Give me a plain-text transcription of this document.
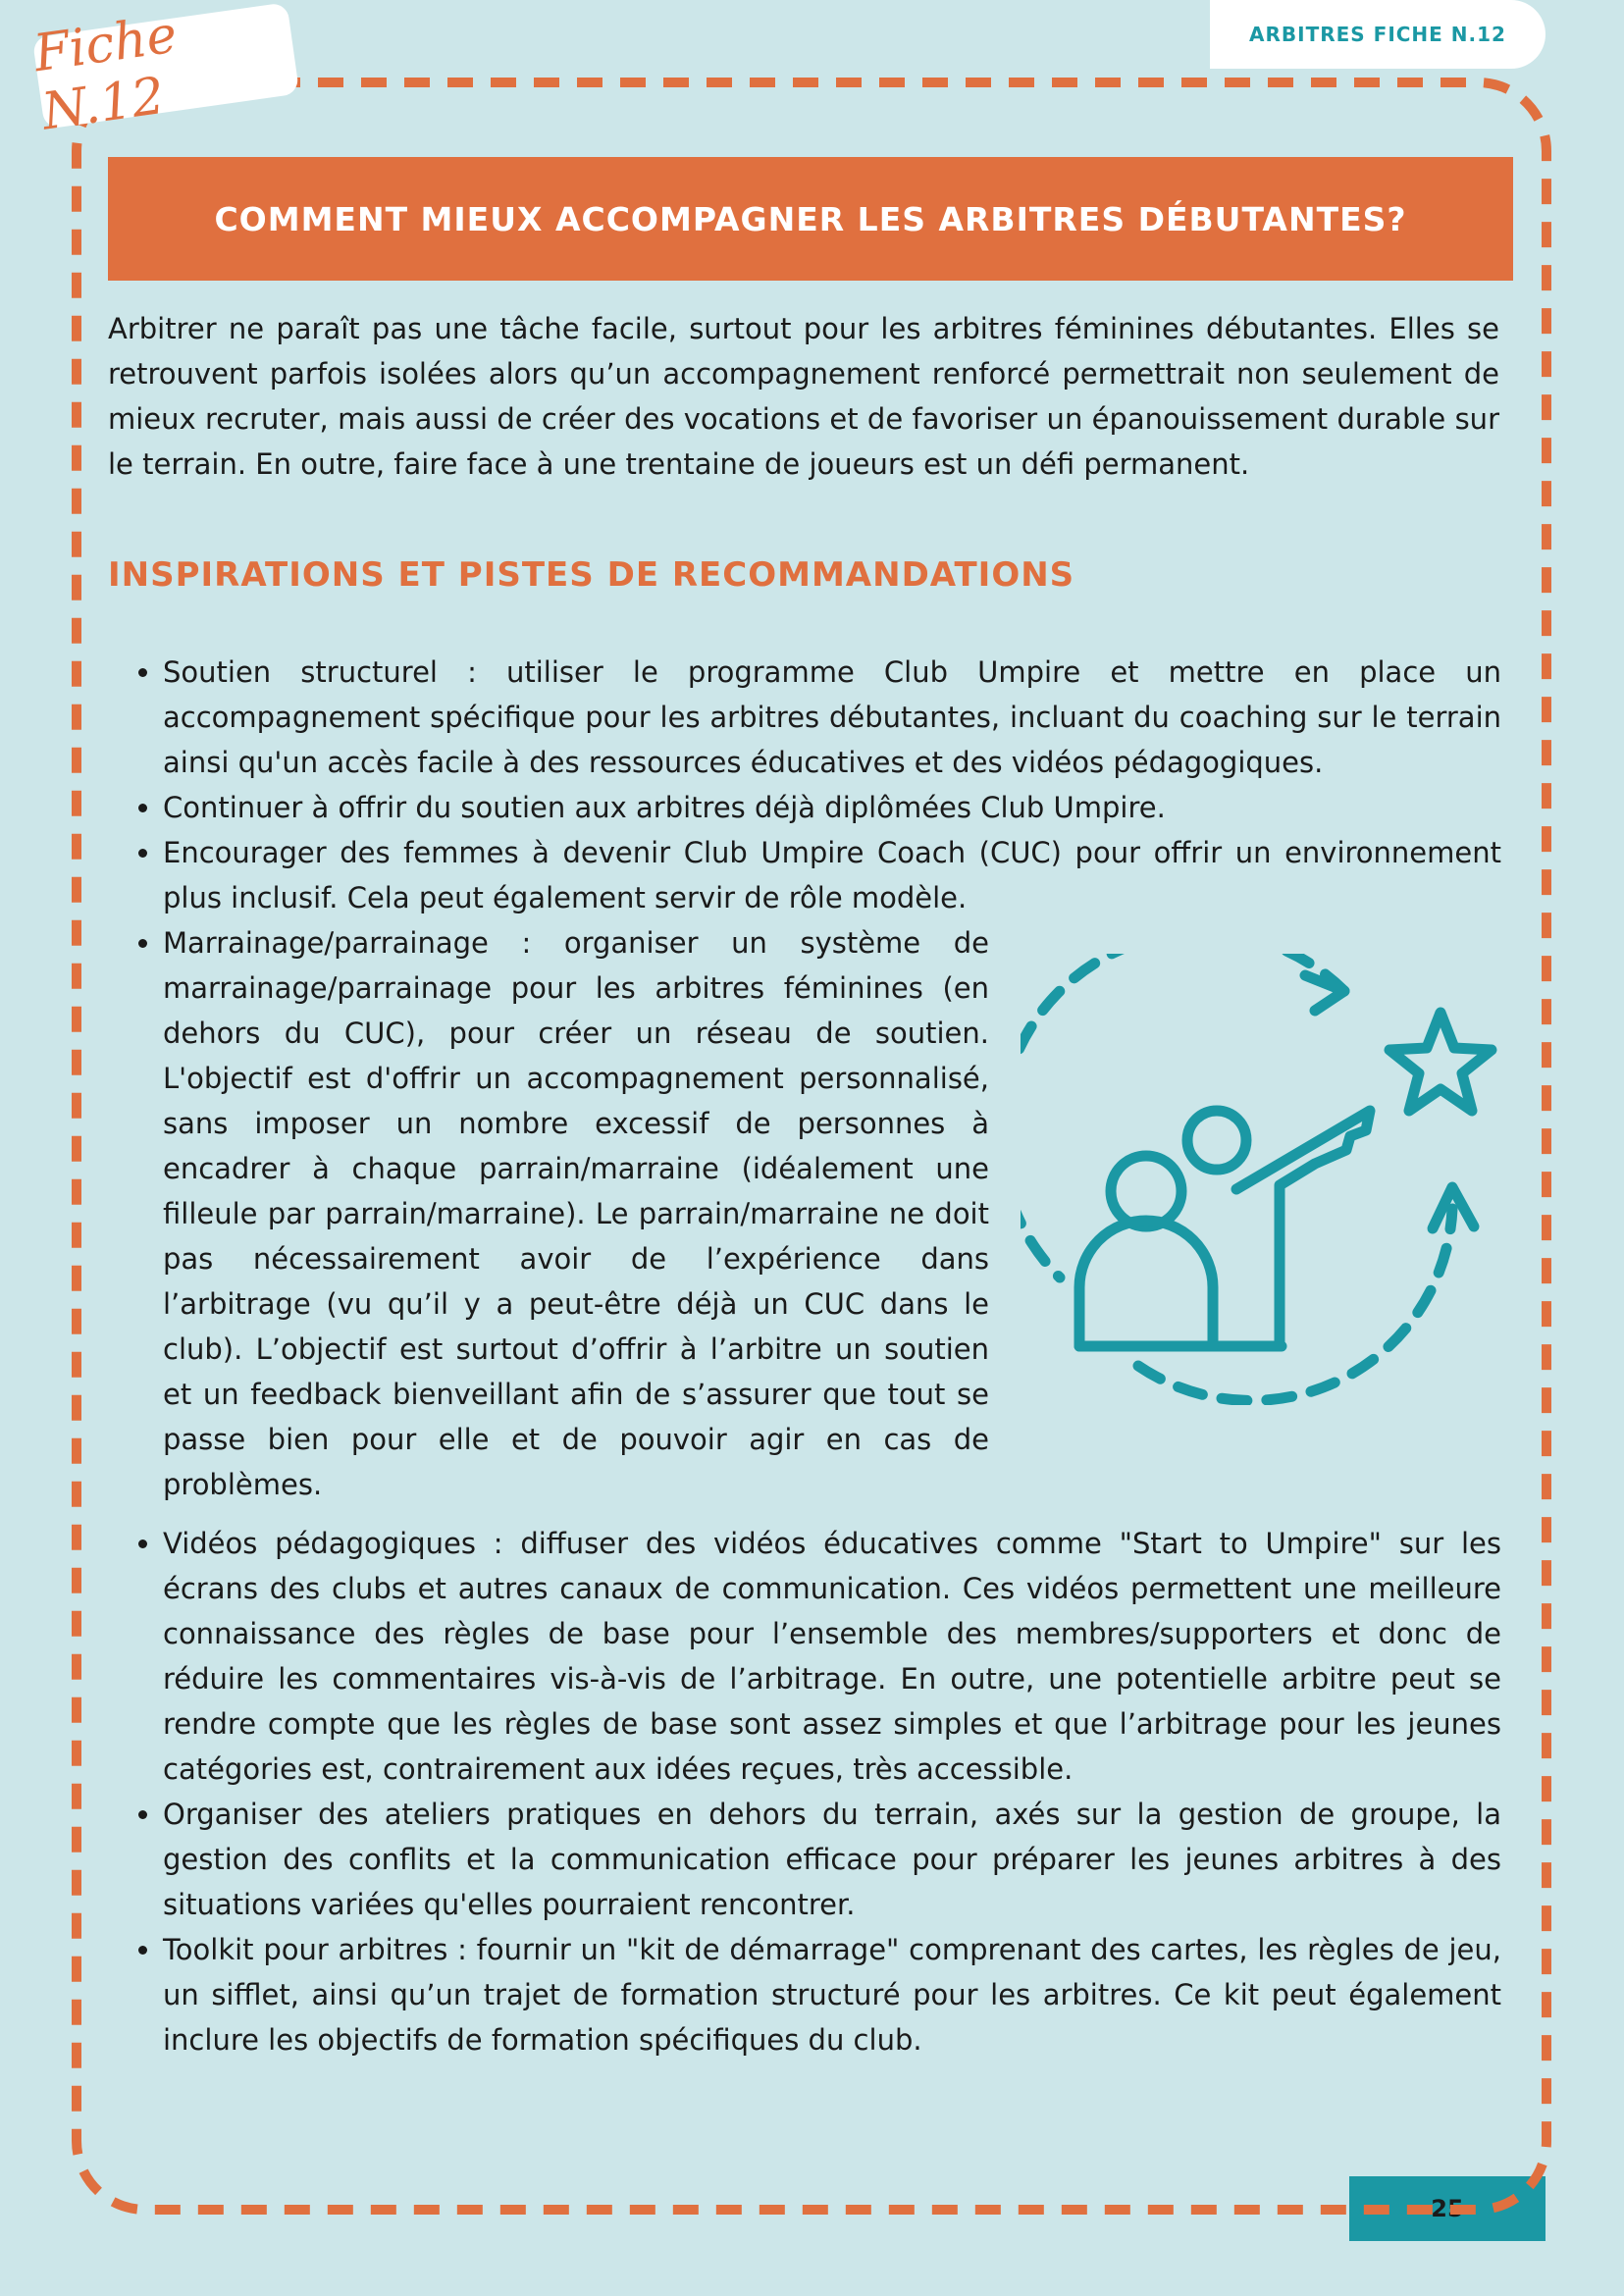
ARBITRES FICHE N.12
Fiche N.12
COMMENT MIEUX ACCOMPAGNER LES ARBITRES DÉBUTANTES?

Arbitrer ne paraît pas une tâche facile, surtout pour les arbitres féminines débutantes. Elles se retrouvent parfois isolées alors qu’un accompagnement renforcé permettrait non seulement de mieux recruter, mais aussi de créer des vocations et de favoriser un épanouissement durable sur le terrain. En outre, faire face à une trentaine de joueurs est un défi permanent.

INSPIRATIONS ET PISTES DE RECOMMANDATIONS
• Soutien structurel : utiliser le programme Club Umpire et mettre en place un accompagnement spécifique pour les arbitres débutantes, incluant du coaching sur le terrain ainsi qu'un accès facile à des ressources éducatives et des vidéos pédagogiques.
• Continuer à offrir du soutien aux arbitres déjà diplômées Club Umpire.
• Encourager des femmes à devenir Club Umpire Coach (CUC) pour offrir un environnement plus inclusif. Cela peut également servir de rôle modèle.
• Marrainage/parrainage : organiser un système de marrainage/parrainage pour les arbitres féminines (en dehors du CUC), pour créer un réseau de soutien. L'objectif est d'offrir un accompagnement personnalisé, sans imposer un nombre excessif de personnes à encadrer à chaque parrain/marraine (idéalement une filleule par parrain/marraine). Le parrain/marraine ne doit pas nécessairement avoir de l’expérience dans l’arbitrage (vu qu’il y a peut-être déjà un CUC dans le club). L’objectif est surtout d’offrir à l’arbitre un soutien et un feedback bienveillant afin de s’assurer que tout se passe bien pour elle et de pouvoir agir en cas de problèmes.
• Vidéos pédagogiques : diffuser des vidéos éducatives comme "Start to Umpire" sur les écrans des clubs et autres canaux de communication. Ces vidéos permettent une meilleure connaissance des règles de base pour l’ensemble des membres/supporters et donc de réduire les commentaires vis-à-vis de l’arbitrage. En outre, une potentielle arbitre peut se rendre compte que les règles de base sont assez simples et que l’arbitrage pour les jeunes catégories est, contrairement aux idées reçues, très accessible.
• Organiser des ateliers pratiques en dehors du terrain, axés sur la gestion de groupe, la gestion des conflits et la communication efficace pour préparer les jeunes arbitres à des situations variées qu'elles pourraient rencontrer.
• Toolkit pour arbitres : fournir un "kit de démarrage" comprenant des cartes, les règles de jeu, un sifflet, ainsi qu’un trajet de formation structuré pour les arbitres. Ce kit peut également inclure les objectifs de formation spécifiques du club.
25
